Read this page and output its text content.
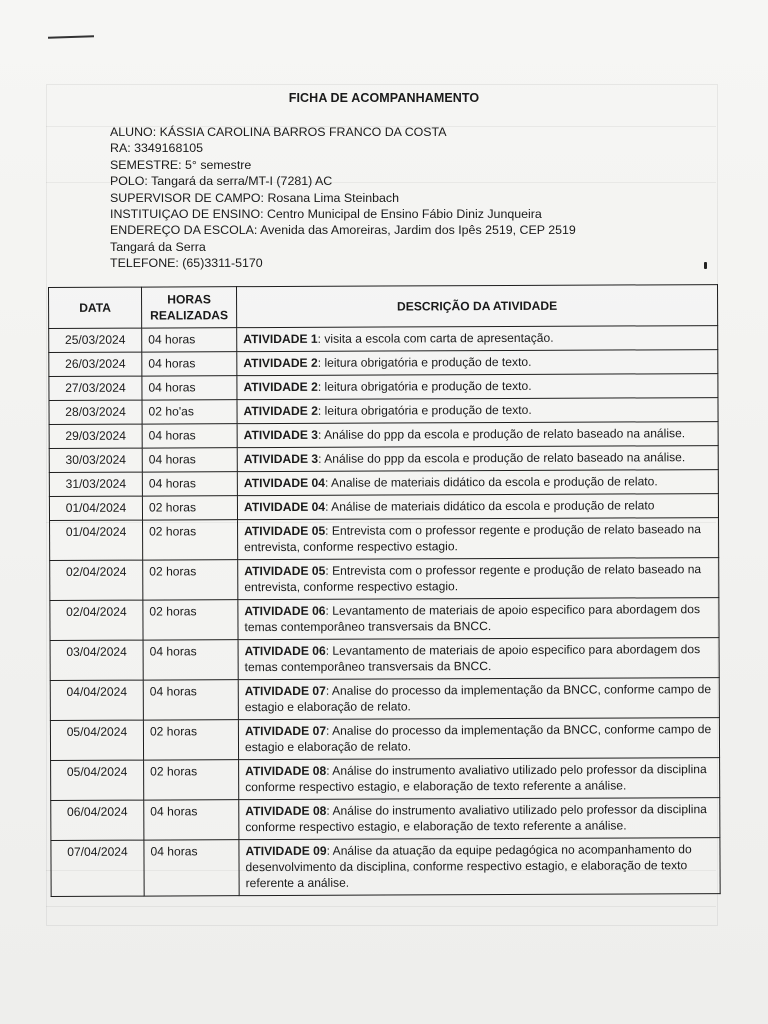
FICHA DE ACOMPANHAMENTO
ALUNO: KÁSSIA CAROLINA BARROS FRANCO DA COSTA
RA: 3349168105
SEMESTRE: 5° semestre
POLO: Tangará da serra/MT-I (7281) AC
SUPERVISOR DE CAMPO: Rosana Lima Steinbach
INSTITUIÇAO DE ENSINO: Centro Municipal de Ensino Fábio Diniz Junqueira
ENDEREÇO DA ESCOLA: Avenida das Amoreiras, Jardim dos Ipês 2519, CEP 2519
Tangará da Serra
TELEFONE: (65)3311-5170
DATA	HORAS REALIZADAS	DESCRIÇÃO DA ATIVIDADE
25/03/2024	04 horas	ATIVIDADE 1: visita a escola com carta de apresentação.
26/03/2024	04 horas	ATIVIDADE 2: leitura obrigatória e produção de texto.
27/03/2024	04 horas	ATIVIDADE 2: leitura obrigatória e produção de texto.
28/03/2024	02 ho'as	ATIVIDADE 2: leitura obrigatória e produção de texto.
29/03/2024	04 horas	ATIVIDADE 3: Análise do ppp da escola e produção de relato baseado na análise.
30/03/2024	04 horas	ATIVIDADE 3: Análise do ppp da escola e produção de relato baseado na análise.
31/03/2024	04 horas	ATIVIDADE 04: Analise de materiais didático da escola e produção de relato.
01/04/2024	02 horas	ATIVIDADE 04: Análise de materiais didático da escola e produção de relato
01/04/2024	02 horas	ATIVIDADE 05: Entrevista com o professor regente e produção de relato baseado na entrevista, conforme respectivo estagio.
02/04/2024	02 horas	ATIVIDADE 05: Entrevista com o professor regente e produção de relato baseado na entrevista, conforme respectivo estagio.
02/04/2024	02 horas	ATIVIDADE 06: Levantamento de materiais de apoio especifico para abordagem dos temas contemporâneo transversais da BNCC.
03/04/2024	04 horas	ATIVIDADE 06: Levantamento de materiais de apoio especifico para abordagem dos temas contemporâneo transversais da BNCC.
04/04/2024	04 horas	ATIVIDADE 07: Analise do processo da implementação da BNCC, conforme campo de estagio e elaboração de relato.
05/04/2024	02 horas	ATIVIDADE 07: Analise do processo da implementação da BNCC, conforme campo de estagio e elaboração de relato.
05/04/2024	02 horas	ATIVIDADE 08: Análise do instrumento avaliativo utilizado pelo professor da disciplina conforme respectivo estagio, e elaboração de texto referente a análise.
06/04/2024	04 horas	ATIVIDADE 08: Análise do instrumento avaliativo utilizado pelo professor da disciplina conforme respectivo estagio, e elaboração de texto referente a análise.
07/04/2024	04 horas	ATIVIDADE 09: Análise da atuação da equipe pedagógica no acompanhamento do desenvolvimento da disciplina, conforme respectivo estagio, e elaboração de texto referente a análise.
